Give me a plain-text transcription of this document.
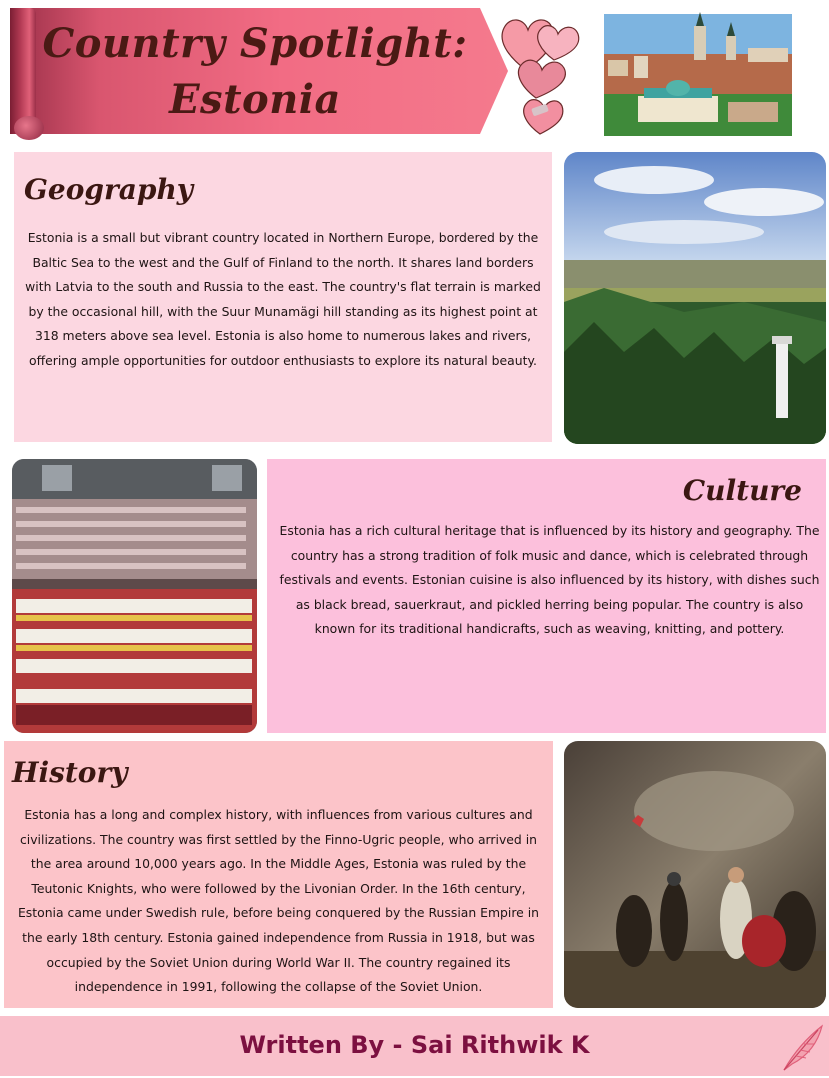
Country Spotlight:
Estonia
Geography
Estonia is a small but vibrant country located in Northern Europe, bordered by the Baltic Sea to the west and the Gulf of Finland to the north. It shares land borders with Latvia to the south and Russia to the east. The country's flat terrain is marked by the occasional hill, with the Suur Munamägi hill standing as its highest point at 318 meters above sea level. Estonia is also home to numerous lakes and rivers, offering ample opportunities for outdoor enthusiasts to explore its natural beauty.
Culture
Estonia has a rich cultural heritage that is influenced by its history and geography. The country has a strong tradition of folk music and dance, which is celebrated through festivals and events. Estonian cuisine is also influenced by its history, with dishes such as black bread, sauerkraut, and pickled herring being popular. The country is also known for its traditional handicrafts, such as weaving, knitting, and pottery.
History
Estonia has a long and complex history, with influences from various cultures and civilizations. The country was first settled by the Finno-Ugric people, who arrived in the area around 10,000 years ago. In the Middle Ages, Estonia was ruled by the Teutonic Knights, who were followed by the Livonian Order. In the 16th century, Estonia came under Swedish rule, before being conquered by the Russian Empire in the early 18th century. Estonia gained independence from Russia in 1918, but was occupied by the Soviet Union during World War II. The country regained its independence in 1991, following the collapse of the Soviet Union.
Written By - Sai Rithwik K
